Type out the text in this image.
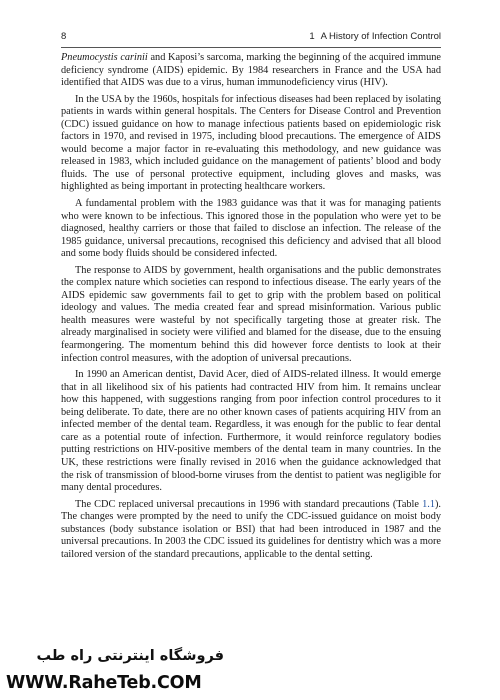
8	1 A History of Infection Control

Pneumocystis carinii and Kaposi’s sarcoma, marking the beginning of the acquired immune deficiency syndrome (AIDS) epidemic. By 1984 researchers in France and the USA had identified that AIDS was due to a virus, human immunodeficiency virus (HIV).

In the USA by the 1960s, hospitals for infectious diseases had been replaced by isolating patients in wards within general hospitals. The Centers for Disease Control and Prevention (CDC) issued guidance on how to manage infectious patients based on epidemiologic risk factors in 1970, and revised in 1975, including blood precautions. The emergence of AIDS would become a major factor in re-evaluating this methodology, and new guidance was released in 1983, which included guidance on the management of patients’ blood and body fluids. The use of personal protective equipment, including gloves and masks, was highlighted as being important in protecting healthcare workers.

A fundamental problem with the 1983 guidance was that it was for managing patients who were known to be infectious. This ignored those in the population who were yet to be diagnosed, healthy carriers or those that failed to disclose an infection. The release of the 1985 guidance, universal precautions, recognised this deficiency and advised that all blood and some body fluids should be considered infected.

The response to AIDS by government, health organisations and the public demonstrates the complex nature which societies can respond to infectious disease. The early years of the AIDS epidemic saw governments fail to get to grip with the problem based on political ideology and values. The media created fear and spread misinformation. Various public health measures were wasteful by not specifically targeting those at greater risk. The already marginalised in society were vilified and blamed for the disease, due to the ensuing fearmongering. The momentum behind this did however force dentists to look at their infection control measures, with the adoption of universal precautions.

In 1990 an American dentist, David Acer, died of AIDS-related illness. It would emerge that in all likelihood six of his patients had contracted HIV from him. It remains unclear how this happened, with suggestions ranging from poor infection control procedures to it being deliberate. To date, there are no other known cases of patients acquiring HIV from an infected member of the dental team. Regardless, it was enough for the public to fear dental care as a potential route of infection. Furthermore, it would reinforce regulatory bodies putting restrictions on HIV-positive members of the dental team in many countries. In the UK, these restrictions were finally revised in 2016 when the guidance acknowledged that the risk of transmission of blood-borne viruses from the dentist to patient was negligible for many dental procedures.

The CDC replaced universal precautions in 1996 with standard precautions (Table 1.1). The changes were prompted by the need to unify the CDC-issued guidance on moist body substances (body substance isolation or BSI) that had been introduced in 1987 and the universal precautions. In 2003 the CDC issued its guidelines for dentistry which was a more tailored version of the standard precautions, applicable to the dental setting.

فروشگاه اینترنتی راه طب
WWW.RaheTeb.COM
